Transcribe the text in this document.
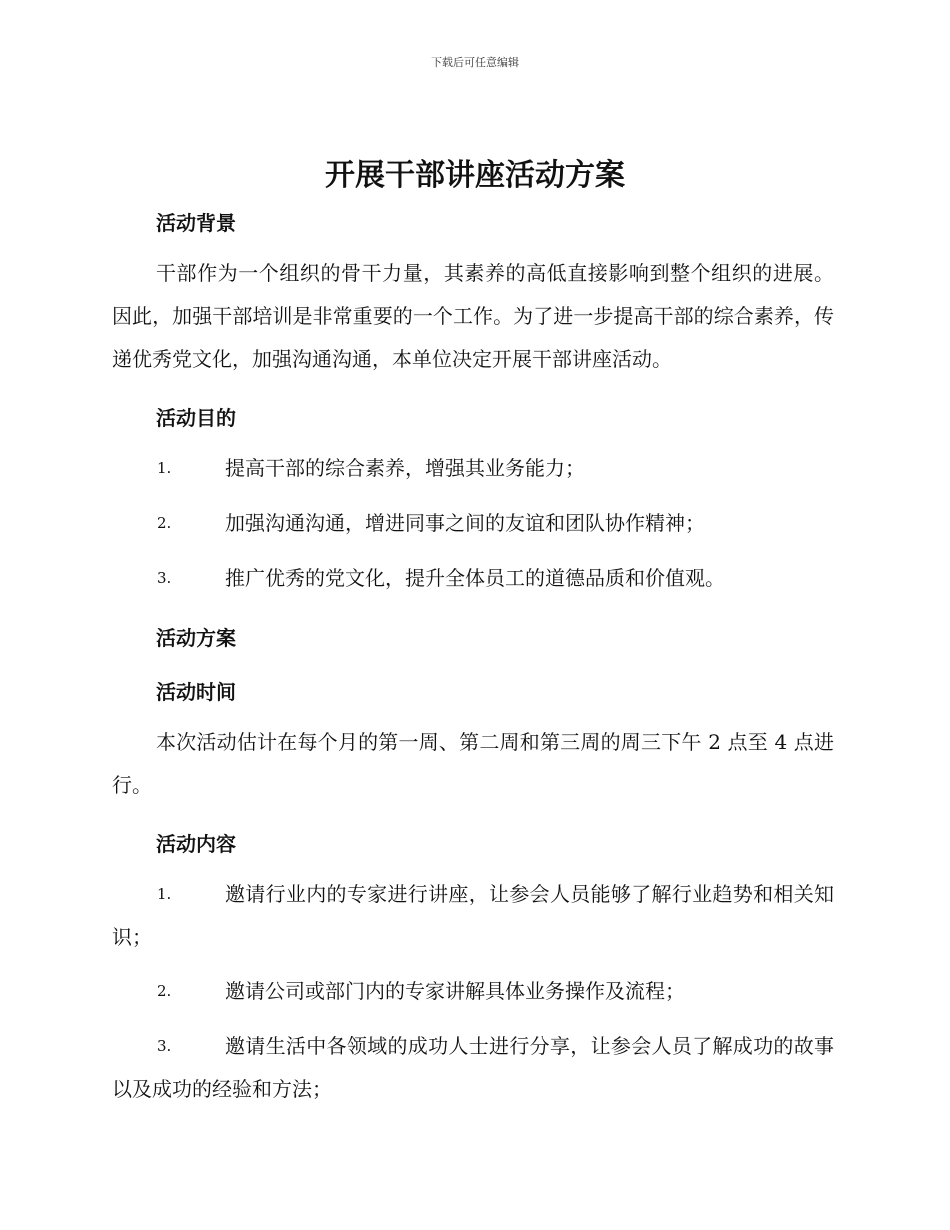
下载后可任意编辑
开展干部讲座活动方案
活动背景
干部作为一个组织的骨干力量，其素养的高低直接影响到整个组织的进展。因此，加强干部培训是非常重要的一个工作。为了进一步提高干部的综合素养，传递优秀党文化，加强沟通沟通，本单位决定开展干部讲座活动。
活动目的
1.	提高干部的综合素养，增强其业务能力；
2.	加强沟通沟通，增进同事之间的友谊和团队协作精神；
3.	推广优秀的党文化，提升全体员工的道德品质和价值观。
活动方案
活动时间
本次活动估计在每个月的第一周、第二周和第三周的周三下午 2 点至 4 点进行。
活动内容
1.	邀请行业内的专家进行讲座，让参会人员能够了解行业趋势和相关知识；
2.	邀请公司或部门内的专家讲解具体业务操作及流程；
3.	邀请生活中各领域的成功人士进行分享，让参会人员了解成功的故事以及成功的经验和方法；
